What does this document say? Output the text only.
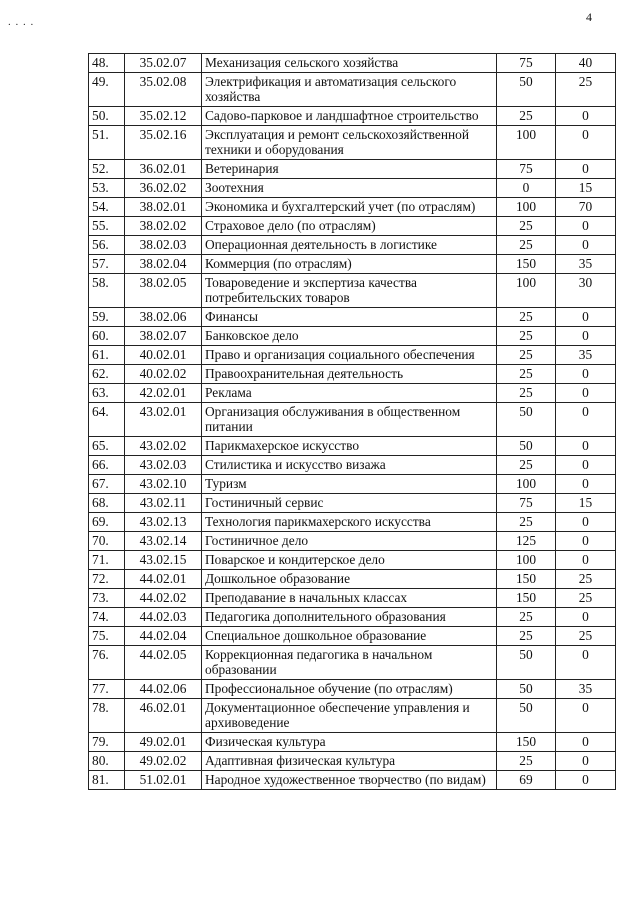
. . . .	4
48.	35.02.07	Механизация сельского хозяйства	75	40
49.	35.02.08	Электрификация и автоматизация сельского хозяйства	50	25
50.	35.02.12	Садово-парковое и ландшафтное строительство	25	0
51.	35.02.16	Эксплуатация и ремонт сельскохозяйственной техники и оборудования	100	0
52.	36.02.01	Ветеринария	75	0
53.	36.02.02	Зоотехния	0	15
54.	38.02.01	Экономика и бухгалтерский учет (по отраслям)	100	70
55.	38.02.02	Страховое дело (по отраслям)	25	0
56.	38.02.03	Операционная деятельность в логистике	25	0
57.	38.02.04	Коммерция (по отраслям)	150	35
58.	38.02.05	Товароведение и экспертиза качества потребительских товаров	100	30
59.	38.02.06	Финансы	25	0
60.	38.02.07	Банковское дело	25	0
61.	40.02.01	Право и организация социального обеспечения	25	35
62.	40.02.02	Правоохранительная деятельность	25	0
63.	42.02.01	Реклама	25	0
64.	43.02.01	Организация обслуживания в общественном питании	50	0
65.	43.02.02	Парикмахерское искусство	50	0
66.	43.02.03	Стилистика и искусство визажа	25	0
67.	43.02.10	Туризм	100	0
68.	43.02.11	Гостиничный сервис	75	15
69.	43.02.13	Технология парикмахерского искусства	25	0
70.	43.02.14	Гостиничное дело	125	0
71.	43.02.15	Поварское и кондитерское дело	100	0
72.	44.02.01	Дошкольное образование	150	25
73.	44.02.02	Преподавание в начальных классах	150	25
74.	44.02.03	Педагогика дополнительного образования	25	0
75.	44.02.04	Специальное дошкольное образование	25	25
76.	44.02.05	Коррекционная педагогика в начальном образовании	50	0
77.	44.02.06	Профессиональное обучение (по отраслям)	50	35
78.	46.02.01	Документационное обеспечение управления и архивоведение	50	0
79.	49.02.01	Физическая культура	150	0
80.	49.02.02	Адаптивная физическая культура	25	0
81.	51.02.01	Народное художественное творчество (по видам)	69	0
